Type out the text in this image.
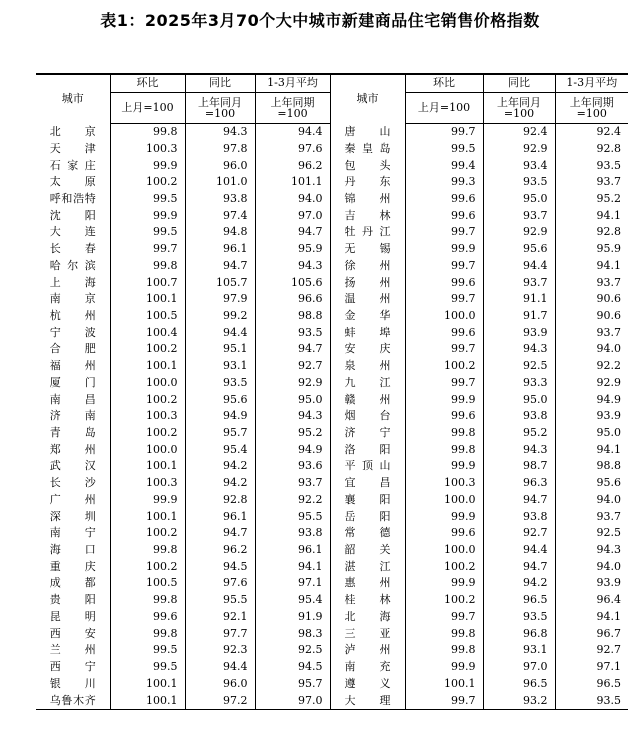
表1：2025年3月70个大中城市新建商品住宅销售价格指数
城市	环比	同比	1-3月平均	城市	环比	同比	1-3月平均
	上月=100	上年同月=100	上年同期=100		上月=100	上年同月=100	上年同期=100

北 京	99.8	94.3	94.4	唐 山	99.7	92.4	92.4

天 津	100.3	97.8	97.6	秦 皇 岛	99.5	92.9	92.8

石 家 庄	99.9	96.0	96.2	包 头	99.4	93.4	93.5

太 原	100.2	101.0	101.1	丹 东	99.3	93.5	93.7

呼 和 浩 特	99.5	93.8	94.0	锦 州	99.6	95.0	95.2

沈 阳	99.9	97.4	97.0	吉 林	99.6	93.7	94.1

大 连	99.5	94.8	94.7	牡 丹 江	99.7	92.9	92.8

长 春	99.7	96.1	95.9	无 锡	99.9	95.6	95.9

哈 尔 滨	99.8	94.7	94.3	徐 州	99.7	94.4	94.1

上 海	100.7	105.7	105.6	扬 州	99.6	93.7	93.7

南 京	100.1	97.9	96.6	温 州	99.7	91.1	90.6

杭 州	100.5	99.2	98.8	金 华	100.0	91.7	90.6

宁 波	100.4	94.4	93.5	蚌 埠	99.6	93.9	93.7

合 肥	100.2	95.1	94.7	安 庆	99.7	94.3	94.0

福 州	100.1	93.1	92.7	泉 州	100.2	92.5	92.2

厦 门	100.0	93.5	92.9	九 江	99.7	93.3	92.9

南 昌	100.2	95.6	95.0	赣 州	99.9	95.0	94.9

济 南	100.3	94.9	94.3	烟 台	99.6	93.8	93.9

青 岛	100.2	95.7	95.2	济 宁	99.8	95.2	95.0

郑 州	100.0	95.4	94.9	洛 阳	99.8	94.3	94.1

武 汉	100.1	94.2	93.6	平 顶 山	99.9	98.7	98.8

长 沙	100.3	94.2	93.7	宜 昌	100.3	96.3	95.6

广 州	99.9	92.8	92.2	襄 阳	100.0	94.7	94.0

深 圳	100.1	96.1	95.5	岳 阳	99.9	93.8	93.7

南 宁	100.2	94.7	93.8	常 德	99.6	92.7	92.5

海 口	99.8	96.2	96.1	韶 关	100.0	94.4	94.3

重 庆	100.2	94.5	94.1	湛 江	100.2	94.7	94.0

成 都	100.5	97.6	97.1	惠 州	99.9	94.2	93.9

贵 阳	99.8	95.5	95.4	桂 林	100.2	96.5	96.4

昆 明	99.6	92.1	91.9	北 海	99.7	93.5	94.1

西 安	99.8	97.7	98.3	三 亚	99.8	96.8	96.7

兰 州	99.5	92.3	92.5	泸 州	99.8	93.1	92.7

西 宁	99.5	94.4	94.5	南 充	99.9	97.0	97.1

银 川	100.1	96.0	95.7	遵 义	100.1	96.5	96.5

乌 鲁 木 齐	100.1	97.2	97.0	大 理	99.7	93.2	93.5
